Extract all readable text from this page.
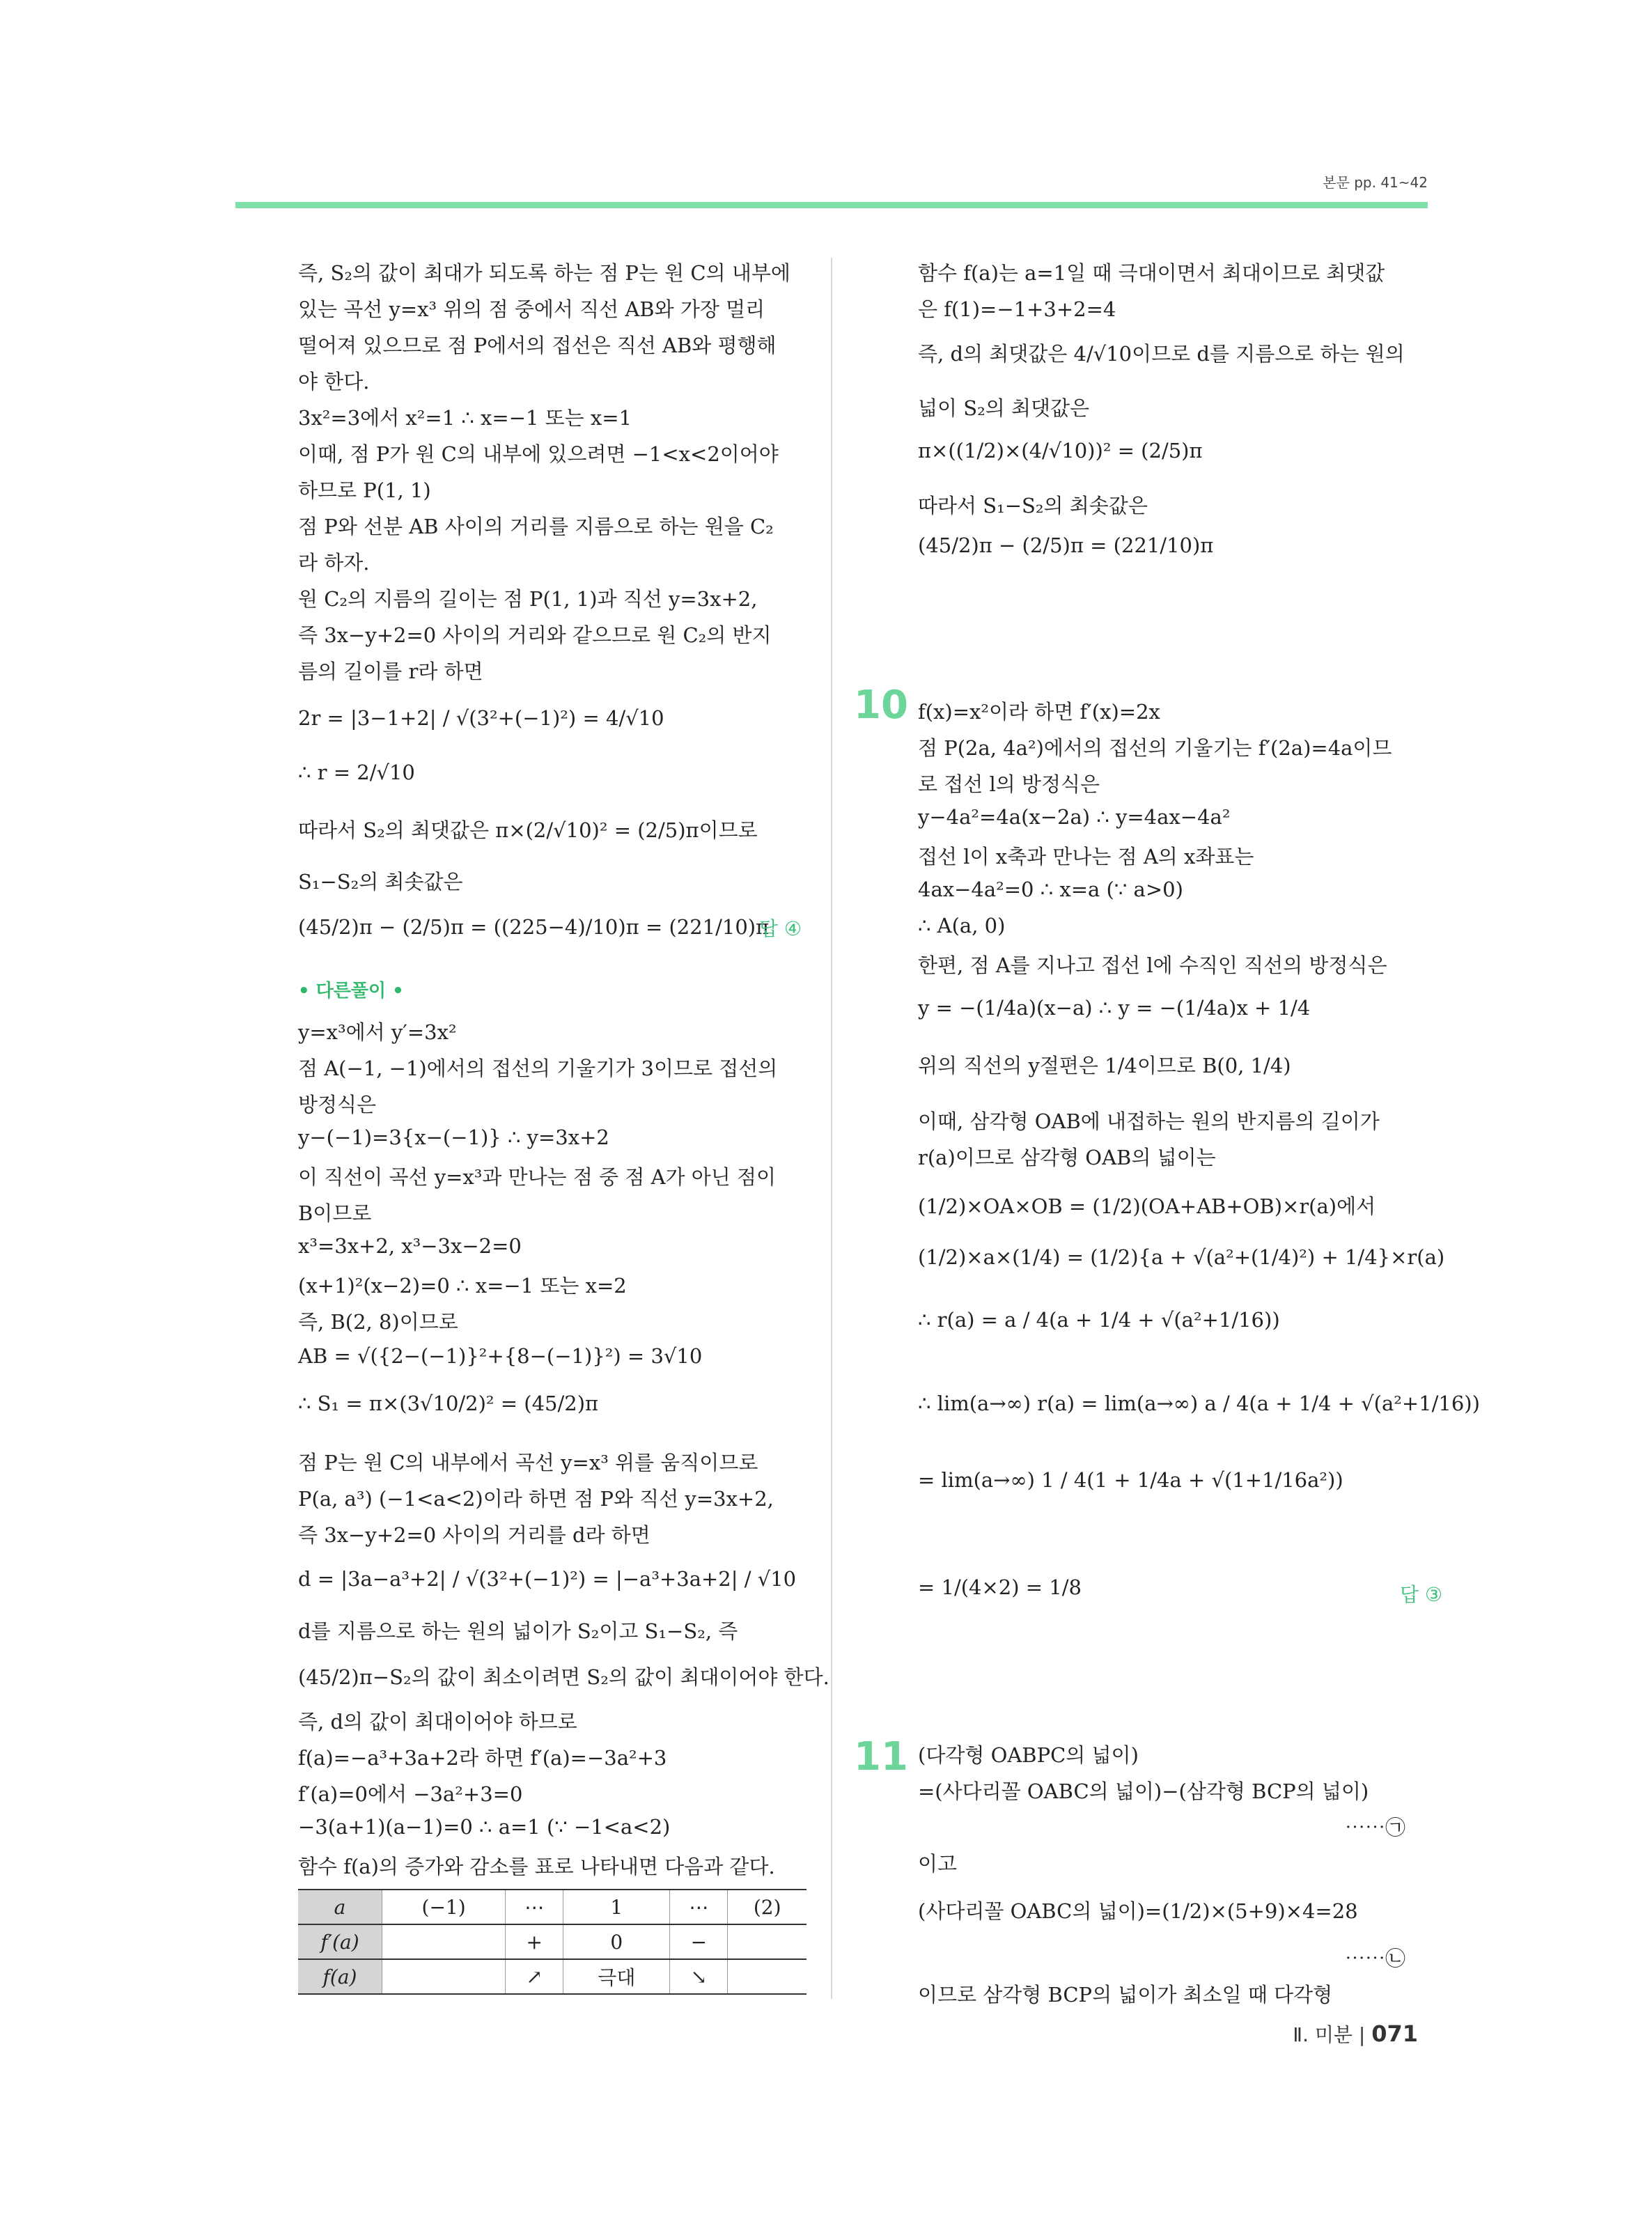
본문 pp. 41~42
즉, S₂의 값이 최대가 되도록 하는 점 P는 원 C의 내부에
있는 곡선 y=x³ 위의 점 중에서 직선 AB와 가장 멀리
떨어져 있으므로 점 P에서의 접선은 직선 AB와 평행해
야 한다.
3x²=3에서 x²=1 ∴ x=−1 또는 x=1
이때, 점 P가 원 C의 내부에 있으려면 −1<x<2이어야
하므로 P(1, 1)
점 P와 선분 AB 사이의 거리를 지름으로 하는 원을 C₂
라 하자.
원 C₂의 지름의 길이는 점 P(1, 1)과 직선 y=3x+2,
즉 3x−y+2=0 사이의 거리와 같으므로 원 C₂의 반지
름의 길이를 r라 하면
2r = |3−1+2| / √(3²+(−1)²) = 4/√10
∴ r = 2/√10
따라서 S₂의 최댓값은 π×(2/√10)² = (2/5)π이므로
S₁−S₂의 최솟값은
(45/2)π − (2/5)π = ((225−4)/10)π = (221/10)π
y=x³에서 y′=3x²
점 A(−1, −1)에서의 접선의 기울기가 3이므로 접선의
방정식은
y−(−1)=3{x−(−1)} ∴ y=3x+2
이 직선이 곡선 y=x³과 만나는 점 중 점 A가 아닌 점이
B이므로
x³=3x+2, x³−3x−2=0
(x+1)²(x−2)=0 ∴ x=−1 또는 x=2
즉, B(2, 8)이므로
AB = √({2−(−1)}²+{8−(−1)}²) = 3√10
∴ S₁ = π×(3√10/2)² = (45/2)π
점 P는 원 C의 내부에서 곡선 y=x³ 위를 움직이므로
P(a, a³) (−1<a<2)이라 하면 점 P와 직선 y=3x+2,
즉 3x−y+2=0 사이의 거리를 d라 하면
d = |3a−a³+2| / √(3²+(−1)²) = |−a³+3a+2| / √10
d를 지름으로 하는 원의 넓이가 S₂이고 S₁−S₂, 즉
(45/2)π−S₂의 값이 최소이려면 S₂의 값이 최대이어야 한다.
즉, d의 값이 최대이어야 하므로
f(a)=−a³+3a+2라 하면 f′(a)=−3a²+3
f′(a)=0에서 −3a²+3=0
−3(a+1)(a−1)=0 ∴ a=1 (∵ −1<a<2)
함수 f(a)의 증가와 감소를 표로 나타내면 다음과 같다.
• 다른풀이 •
답 ④
a	(−1)	⋯	1	⋯	(2)
f′(a)		+	0	−	
f(a)		↗	극대	↘	
함수 f(a)는 a=1일 때 극대이면서 최대이므로 최댓값
은 f(1)=−1+3+2=4
즉, d의 최댓값은 4/√10이므로 d를 지름으로 하는 원의
넓이 S₂의 최댓값은
π×((1/2)×(4/√10))² = (2/5)π
따라서 S₁−S₂의 최솟값은
(45/2)π − (2/5)π = (221/10)π
f(x)=x²이라 하면 f′(x)=2x
점 P(2a, 4a²)에서의 접선의 기울기는 f′(2a)=4a이므
로 접선 l의 방정식은
y−4a²=4a(x−2a) ∴ y=4ax−4a²
접선 l이 x축과 만나는 점 A의 x좌표는
4ax−4a²=0 ∴ x=a (∵ a>0)
∴ A(a, 0)
한편, 점 A를 지나고 접선 l에 수직인 직선의 방정식은
y = −(1/4a)(x−a) ∴ y = −(1/4a)x + 1/4
위의 직선의 y절편은 1/4이므로 B(0, 1/4)
이때, 삼각형 OAB에 내접하는 원의 반지름의 길이가
r(a)이므로 삼각형 OAB의 넓이는
(1/2)×OA×OB = (1/2)(OA+AB+OB)×r(a)에서
(1/2)×a×(1/4) = (1/2){a + √(a²+(1/4)²) + 1/4}×r(a)
∴ r(a) = a / 4(a + 1/4 + √(a²+1/16))
∴ lim(a→∞) r(a) = lim(a→∞) a / 4(a + 1/4 + √(a²+1/16))
= lim(a→∞) 1 / 4(1 + 1/4a + √(1+1/16a²))
= 1/(4×2) = 1/8
(다각형 OABPC의 넓이)
=(사다리꼴 OABC의 넓이)−(삼각형 BCP의 넓이)
⋯⋯㉠
이고
(사다리꼴 OABC의 넓이)=(1/2)×(5+9)×4=28
⋯⋯㉡
이므로 삼각형 BCP의 넓이가 최소일 때 다각형
10
11
답 ③
Ⅱ. 미분 | 071
